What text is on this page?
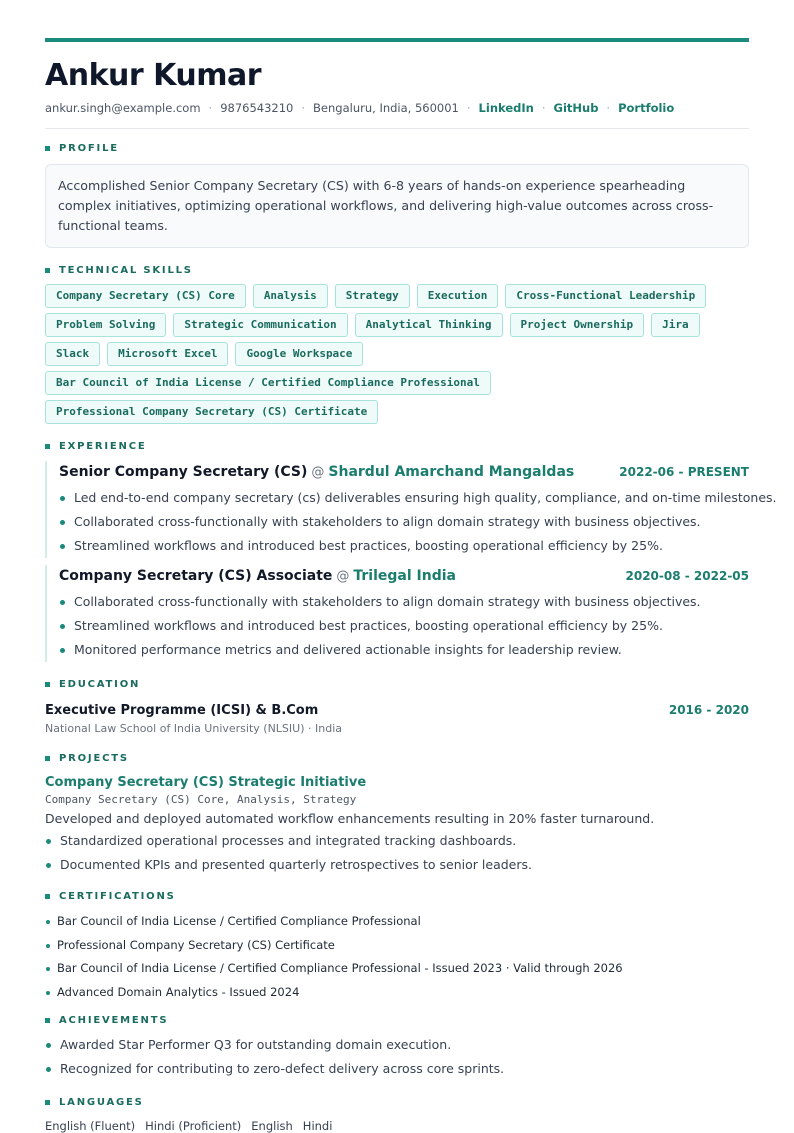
Ankur Kumar
ankur.singh@example.com · 9876543210 · Bengaluru, India, 560001 · LinkedIn · GitHub · Portfolio
PROFILE
Accomplished Senior Company Secretary (CS) with 6-8 years of hands-on experience spearheading complex initiatives, optimizing operational workflows, and delivering high-value outcomes across cross-functional teams.
TECHNICAL SKILLS
Company Secretary (CS) Core	Analysis	Strategy	Execution	Cross-Functional Leadership
Problem Solving	Strategic Communication	Analytical Thinking	Project Ownership	Jira
Slack	Microsoft Excel	Google Workspace
Bar Council of India License / Certified Compliance Professional
Professional Company Secretary (CS) Certificate
EXPERIENCE
Senior Company Secretary (CS) @ Shardul Amarchand Mangaldas	2022-06 - PRESENT
Led end-to-end company secretary (cs) deliverables ensuring high quality, compliance, and on-time milestones.
Collaborated cross-functionally with stakeholders to align domain strategy with business objectives.
Streamlined workflows and introduced best practices, boosting operational efficiency by 25%.
Company Secretary (CS) Associate @ Trilegal India	2020-08 - 2022-05
Collaborated cross-functionally with stakeholders to align domain strategy with business objectives.
Streamlined workflows and introduced best practices, boosting operational efficiency by 25%.
Monitored performance metrics and delivered actionable insights for leadership review.
EDUCATION
Executive Programme (ICSI) & B.Com	2016 - 2020
National Law School of India University (NLSIU) · India
PROJECTS
Company Secretary (CS) Strategic Initiative
Company Secretary (CS) Core, Analysis, Strategy
Developed and deployed automated workflow enhancements resulting in 20% faster turnaround.
Standardized operational processes and integrated tracking dashboards.
Documented KPIs and presented quarterly retrospectives to senior leaders.
CERTIFICATIONS
Bar Council of India License / Certified Compliance Professional
Professional Company Secretary (CS) Certificate
Bar Council of India License / Certified Compliance Professional - Issued 2023 · Valid through 2026
Advanced Domain Analytics - Issued 2024
ACHIEVEMENTS
Awarded Star Performer Q3 for outstanding domain execution.
Recognized for contributing to zero-defect delivery across core sprints.
LANGUAGES
English (Fluent) Hindi (Proficient) English Hindi
